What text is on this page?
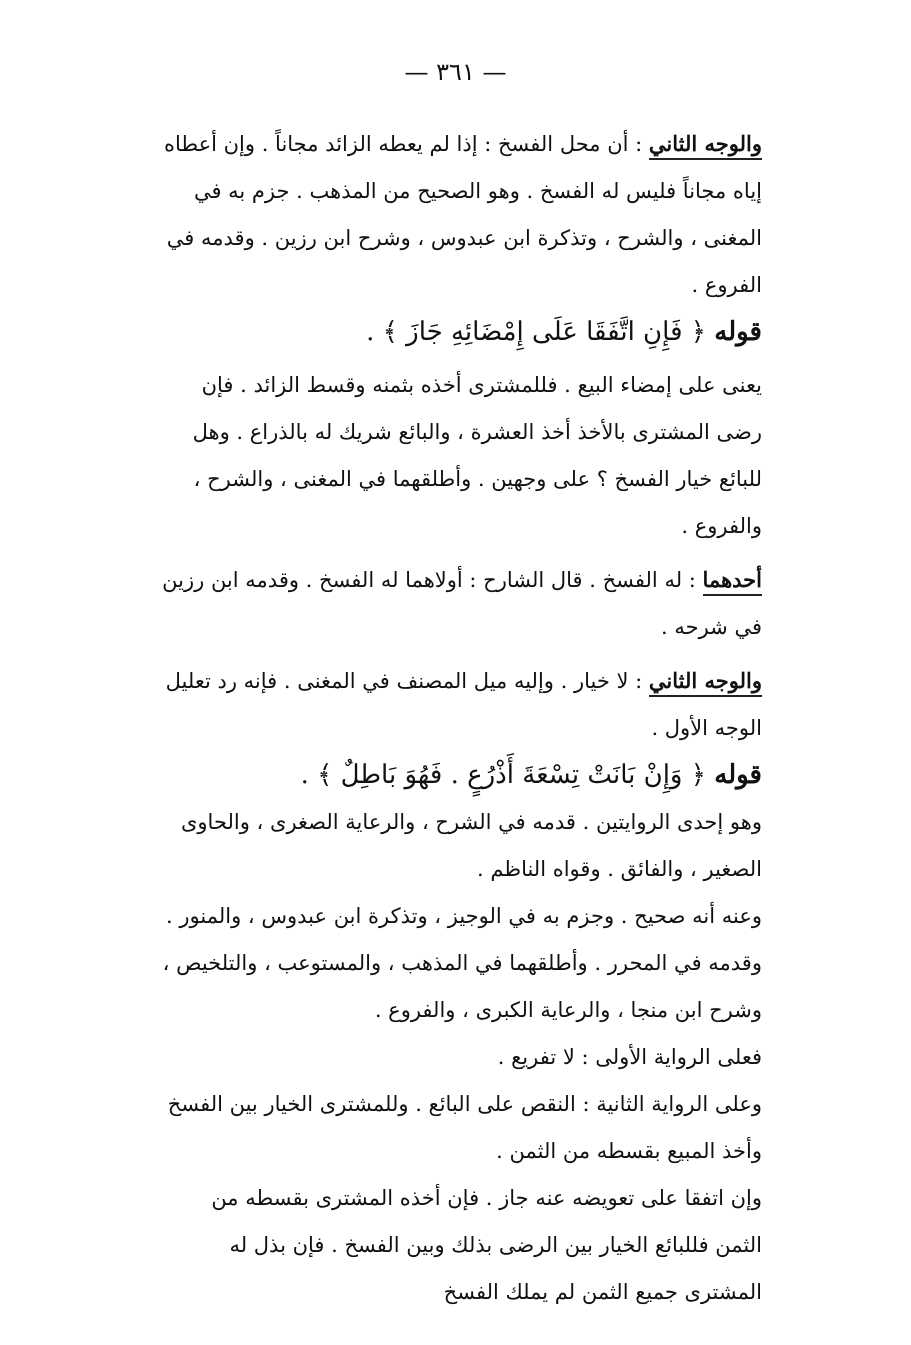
— ٣٦١ —

والوجه الثاني : أن محل الفسخ : إذا لم يعطه الزائد مجاناً . وإن أعطاه إياه مجاناً فليس له الفسخ . وهو الصحيح من المذهب . جزم به في المغنى ، والشرح ، وتذكرة ابن عبدوس ، وشرح ابن رزين . وقدمه في الفروع .

قوله ﴿ فَإِنِ اتَّفَقَا عَلَى إِمْضَائِهِ جَازَ ﴾ .

يعنى على إمضاء البيع . فللمشترى أخذه بثمنه وقسط الزائد . فإن رضى المشترى بالأخذ أخذ العشرة ، والبائع شريك له بالذراع . وهل للبائع خيار الفسخ ؟ على وجهين . وأطلقهما في المغنى ، والشرح ، والفروع .

أحدهما : له الفسخ . قال الشارح : أولاهما له الفسخ . وقدمه ابن رزين في شرحه .

والوجه الثاني : لا خيار . وإليه ميل المصنف في المغنى . فإنه رد تعليل الوجه الأول .

قوله ﴿ وَإِنْ بَانَتْ تِسْعَةَ أَذْرُعٍ . فَهُوَ بَاطِلٌ ﴾ .

وهو إحدى الروايتين . قدمه في الشرح ، والرعاية الصغرى ، والحاوى الصغير ، والفائق . وقواه الناظم .

وعنه أنه صحيح . وجزم به في الوجيز ، وتذكرة ابن عبدوس ، والمنور . وقدمه في المحرر . وأطلقهما في المذهب ، والمستوعب ، والتلخيص ، وشرح ابن منجا ، والرعاية الكبرى ، والفروع .

فعلى الرواية الأولى : لا تفريع .

وعلى الرواية الثانية : النقص على البائع . وللمشترى الخيار بين الفسخ وأخذ المبيع بقسطه من الثمن .

وإن اتفقا على تعويضه عنه جاز . فإن أخذه المشترى بقسطه من الثمن فللبائع الخيار بين الرضى بذلك وبين الفسخ . فإن بذل له المشترى جميع الثمن لم يملك الفسخ
